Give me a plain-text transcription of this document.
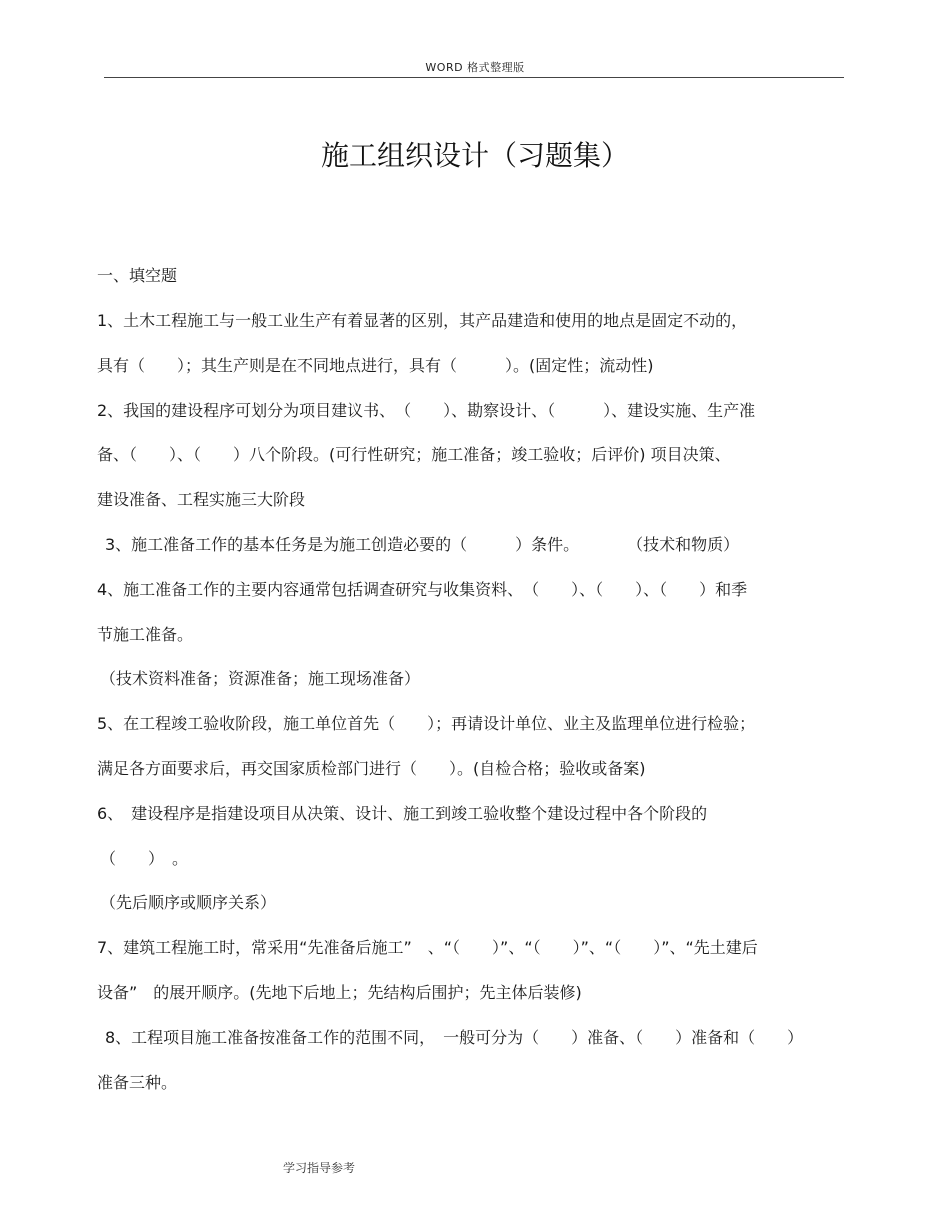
WORD 格式整理版
施工组织设计（习题集）
一、填空题
1、土木工程施工与一般工业生产有着显著的区别，其产品建造和使用的地点是固定不动的，
具有（　　）；其生产则是在不同地点进行，具有（　　　）。(固定性；流动性)
2、我国的建设程序可划分为项目建议书、　（　　）、勘察设计、（　　　）、建设实施、生产准
备、（　　）、（　　）八个阶段。(可行性研究；施工准备；竣工验收；后评价) 项目决策、
建设准备、工程实施三大阶段
3、施工准备工作的基本任务是为施工创造必要的（　　　）条件。　　　　（技术和物质）
4、施工准备工作的主要内容通常包括调查研究与收集资料、　（　　）、（　　）、（　　）和季
节施工准备。
（技术资料准备；资源准备；施工现场准备）
5、在工程竣工验收阶段，施工单位首先（　　）；再请设计单位、业主及监理单位进行检验；
满足各方面要求后，再交国家质检部门进行（　　）。(自检合格；验收或备案)
6、　建设程序是指建设项目从决策、设计、施工到竣工验收整个建设过程中各个阶段的
（　　）　。
（先后顺序或顺序关系）
7、建筑工程施工时，常采用“先准备后施工”　、“（　　）”、“（　　）”、“（　　）”、“先土建后
设备”　的展开顺序。(先地下后地上；先结构后围护；先主体后装修)
8、工程项目施工准备按准备工作的范围不同，　一般可分为（　　）准备、（　　）准备和（　　）
准备三种。
学习指导参考
